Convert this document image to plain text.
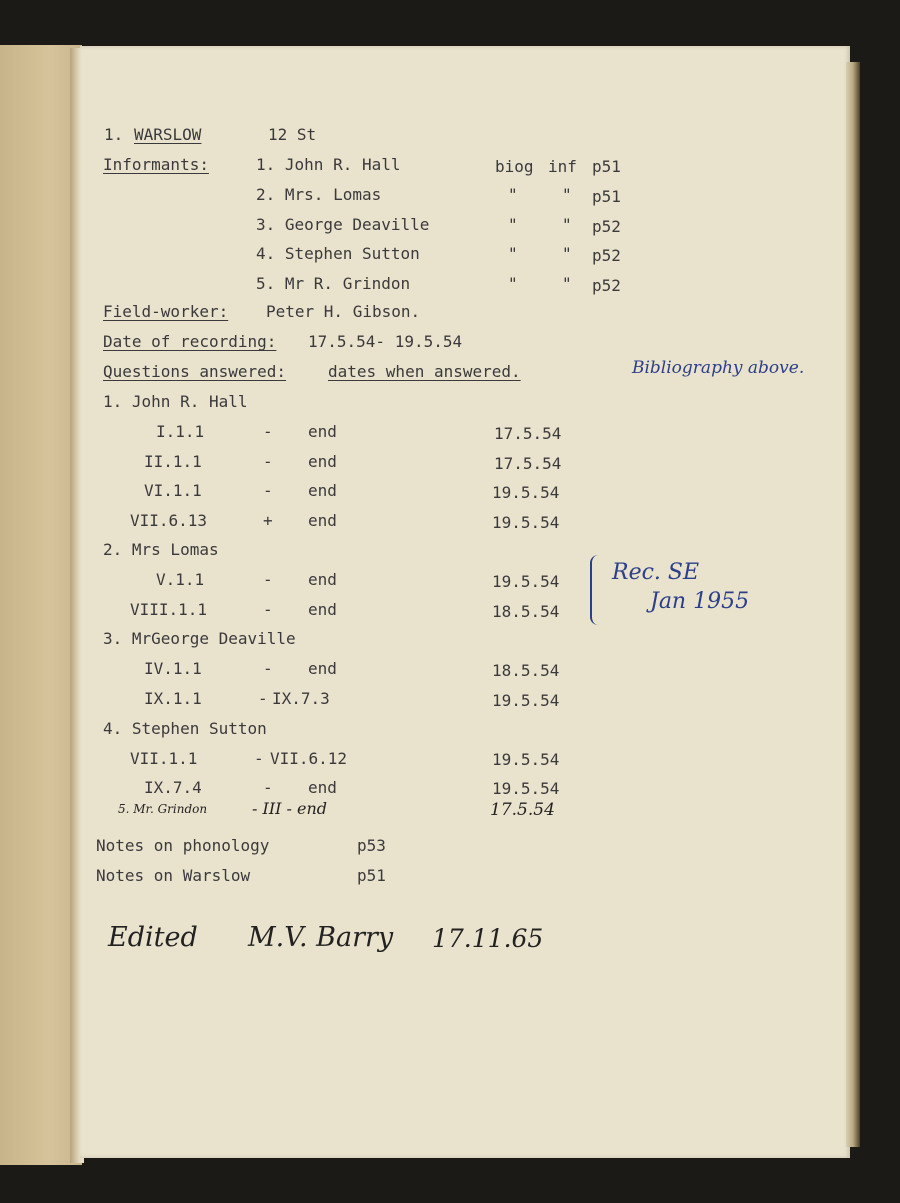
1. WARSLOW	12 St
Informants:	1. John R. Hall	biog inf p51
2. Mrs. Lomas	"	" p51
3. George Deaville	"	" p52
4. Stephen Sutton	"	" p52
5. Mr R. Grindon	"	" p52
Field-worker: Peter H. Gibson.
Date of recording: 17.5.54- 19.5.54
Questions answered:	dates when answered.
1. John R. Hall
I.1.1	- end	17.5.54
II.1.1	- end	17.5.54
VI.1.1	- end	19.5.54
VII.6.13	+ end	19.5.54
2. Mrs Lomas
V.1.1	- end	19.5.54
VIII.1.1	- end	18.5.54
3. MrGeorge Deaville
IV.1.1	- end	18.5.54
IX.1.1	- IX.7.3	19.5.54
4. Stephen Sutton
VII.1.1	- VII.6.12	19.5.54
IX.7.4	- end	19.5.54
5. Mr. Grindon	- III - end	17.5.54
Notes on phonology	p53
Notes on Warslow	p51
Bibliography above.
Rec. SE
Jan 1955
Edited M.V. Barry 17.11.65
